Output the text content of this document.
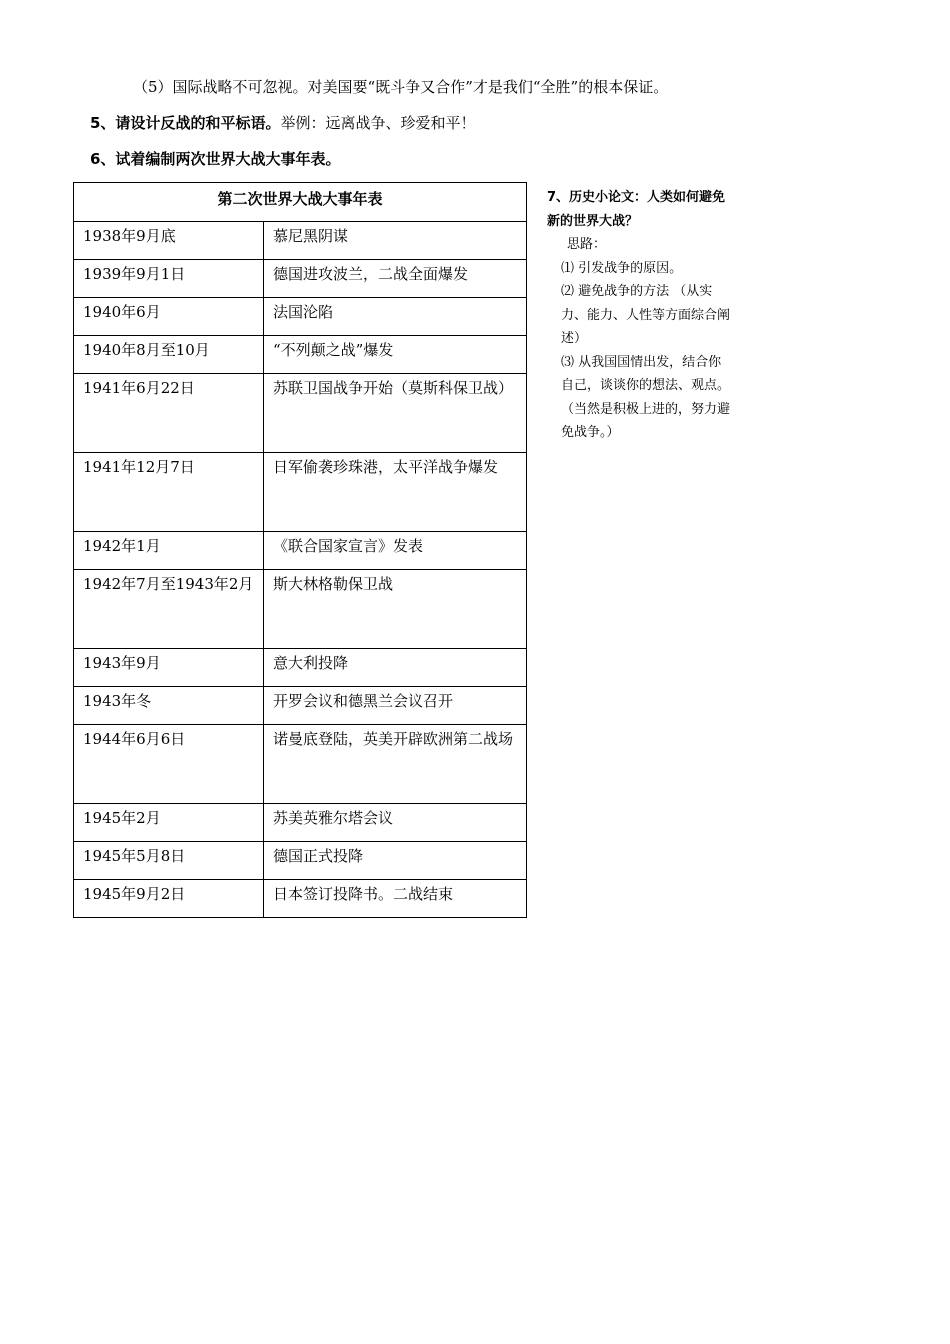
（5）国际战略不可忽视。对美国要“既斗争又合作”才是我们“全胜”的根本保证。
5、请设计反战的和平标语。举例：远离战争、珍爱和平！
6、试着编制两次世界大战大事年表。
第二次世界大战大事年表	

1938年9月底	慕尼黑阴谋

1939年9月1日	德国进攻波兰，二战全面爆发

1940年6月	法国沦陷

1940年8月至10月	“不列颠之战”爆发

1941年6月22日	苏联卫国战争开始（莫斯科保卫战）

1941年12月7日	日军偷袭珍珠港，太平洋战争爆发

1942年1月	《联合国家宣言》发表

1942年7月至1943年2月	斯大林格勒保卫战

1943年9月	意大利投降

1943年冬	开罗会议和德黑兰会议召开

1944年6月6日	诺曼底登陆，英美开辟欧洲第二战场

1945年2月	苏美英雅尔塔会议

1945年5月8日	德国正式投降

1945年9月2日	日本签订投降书。二战结束
7、历史小论文：人类如何避免新的世界大战？
思路：
⑴ 引发战争的原因。
⑵ 避免战争的方法 （从实力、能力、人性等方面综合阐述）
⑶ 从我国国情出发，结合你自己，谈谈你的想法、观点。（当然是积极上进的，努力避免战争。）
